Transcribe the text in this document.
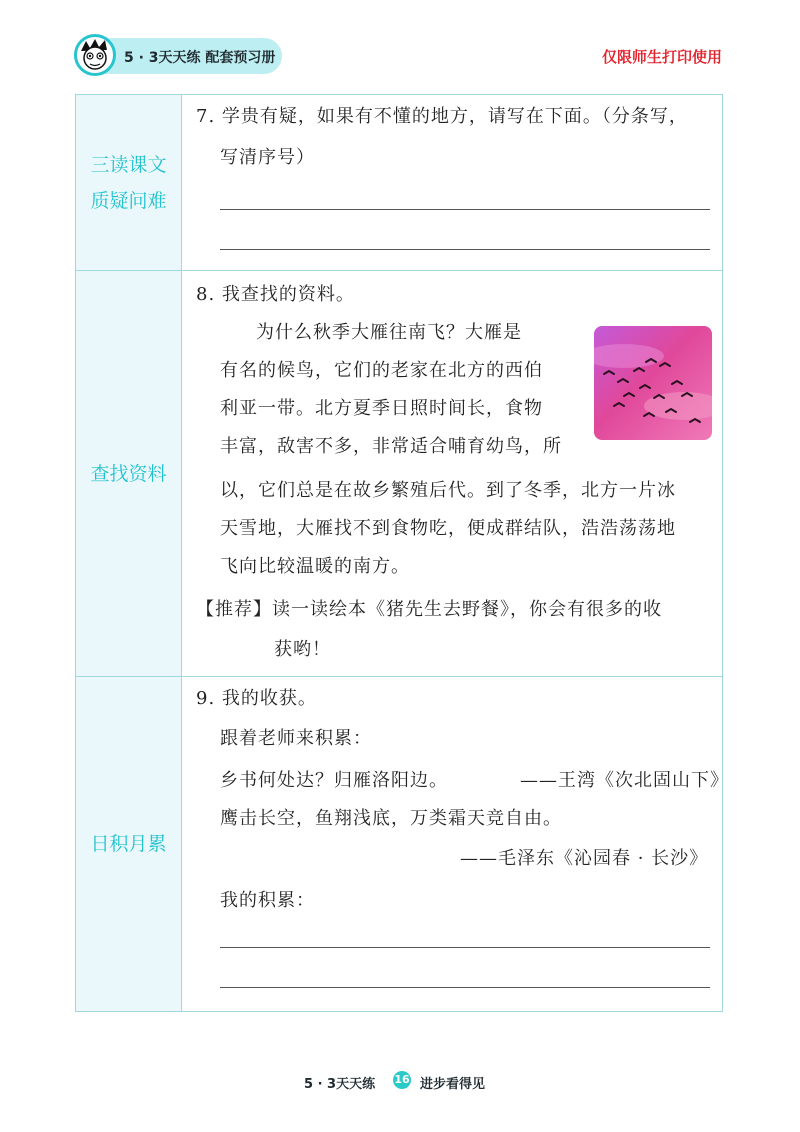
5 · 3天天练 配套预习册	仅限师生打印使用
三读课文
质疑问难
7. 学贵有疑，如果有不懂的地方，请写在下面。（分条写，
写清序号）
查找资料
8. 我查找的资料。
为什么秋季大雁往南飞？大雁是
有名的候鸟，它们的老家在北方的西伯
利亚一带。北方夏季日照时间长，食物
丰富，敌害不多，非常适合哺育幼鸟，所
以，它们总是在故乡繁殖后代。到了冬季，北方一片冰
天雪地，大雁找不到食物吃，便成群结队，浩浩荡荡地
飞向比较温暖的南方。
【推荐】读一读绘本《猪先生去野餐》，你会有很多的收
获哟！
日积月累
9. 我的收获。
跟着老师来积累：
乡书何处达？归雁洛阳边。	——王湾《次北固山下》
鹰击长空，鱼翔浅底，万类霜天竞自由。
——毛泽东《沁园春 · 长沙》
我的积累：
5 · 3天天练 16 进步看得见
